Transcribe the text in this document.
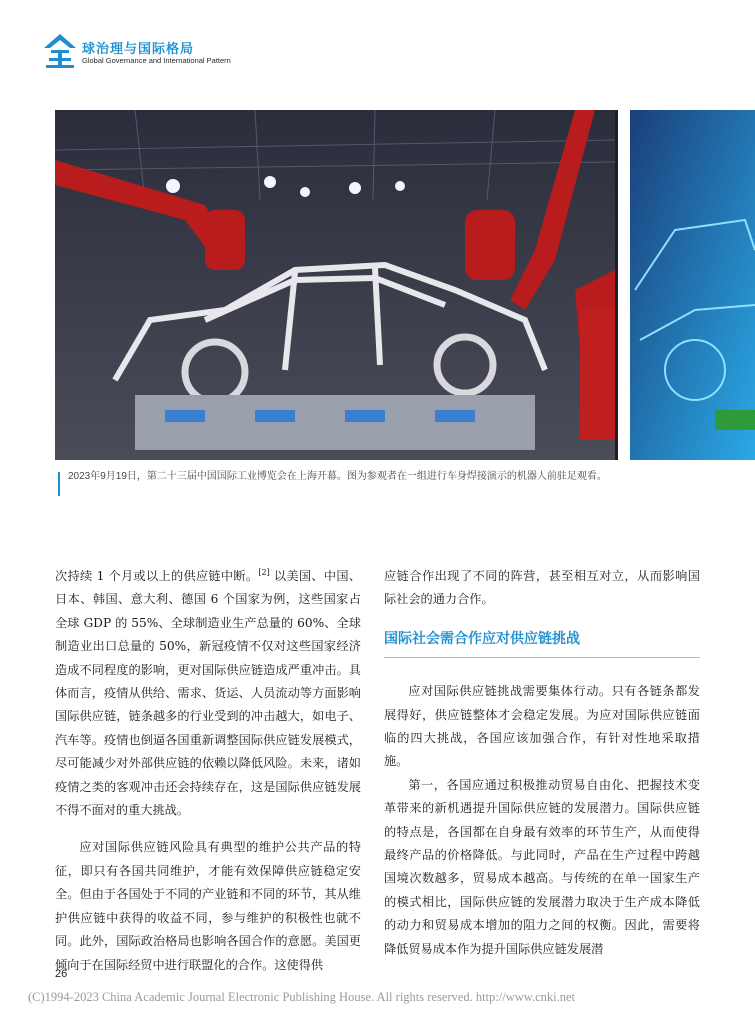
球治理与国际格局
Global Governance and International Pattern
2023年9月19日，第二十三届中国国际工业博览会在上海开幕。图为参观者在一组进行车身焊接演示的机器人前驻足观看。

次持续 1 个月或以上的供应链中断。[2] 以美国、中国、日本、韩国、意大利、德国 6 个国家为例，这些国家占全球 GDP 的 55%、全球制造业生产总量的 60%、全球制造业出口总量的 50%，新冠疫情不仅对这些国家经济造成不同程度的影响，更对国际供应链造成严重冲击。具体而言，疫情从供给、需求、货运、人员流动等方面影响国际供应链，链条越多的行业受到的冲击越大，如电子、汽车等。疫情也倒逼各国重新调整国际供应链发展模式，尽可能减少对外部供应链的依赖以降低风险。未来，诸如疫情之类的客观冲击还会持续存在，这是国际供应链发展不得不面对的重大挑战。

应对国际供应链风险具有典型的维护公共产品的特征，即只有各国共同维护，才能有效保障供应链稳定安全。但由于各国处于不同的产业链和不同的环节，其从维护供应链中获得的收益不同，参与维护的积极性也就不同。此外，国际政治格局也影响各国合作的意愿。美国更倾向于在国际经贸中进行联盟化的合作。这使得供

应链合作出现了不同的阵营，甚至相互对立，从而影响国际社会的通力合作。

国际社会需合作应对供应链挑战

应对国际供应链挑战需要集体行动。只有各链条都发展得好，供应链整体才会稳定发展。为应对国际供应链面临的四大挑战，各国应该加强合作，有针对性地采取措施。

第一，各国应通过积极推动贸易自由化、把握技术变革带来的新机遇提升国际供应链的发展潜力。国际供应链的特点是，各国都在自身最有效率的环节生产，从而使得最终产品的价格降低。与此同时，产品在生产过程中跨越国境次数越多，贸易成本越高。与传统的在单一国家生产的模式相比，国际供应链的发展潜力取决于生产成本降低的动力和贸易成本增加的阻力之间的权衡。因此，需要将降低贸易成本作为提升国际供应链发展潜

26
(C)1994-2023 China Academic Journal Electronic Publishing House. All rights reserved. http://www.cnki.net
